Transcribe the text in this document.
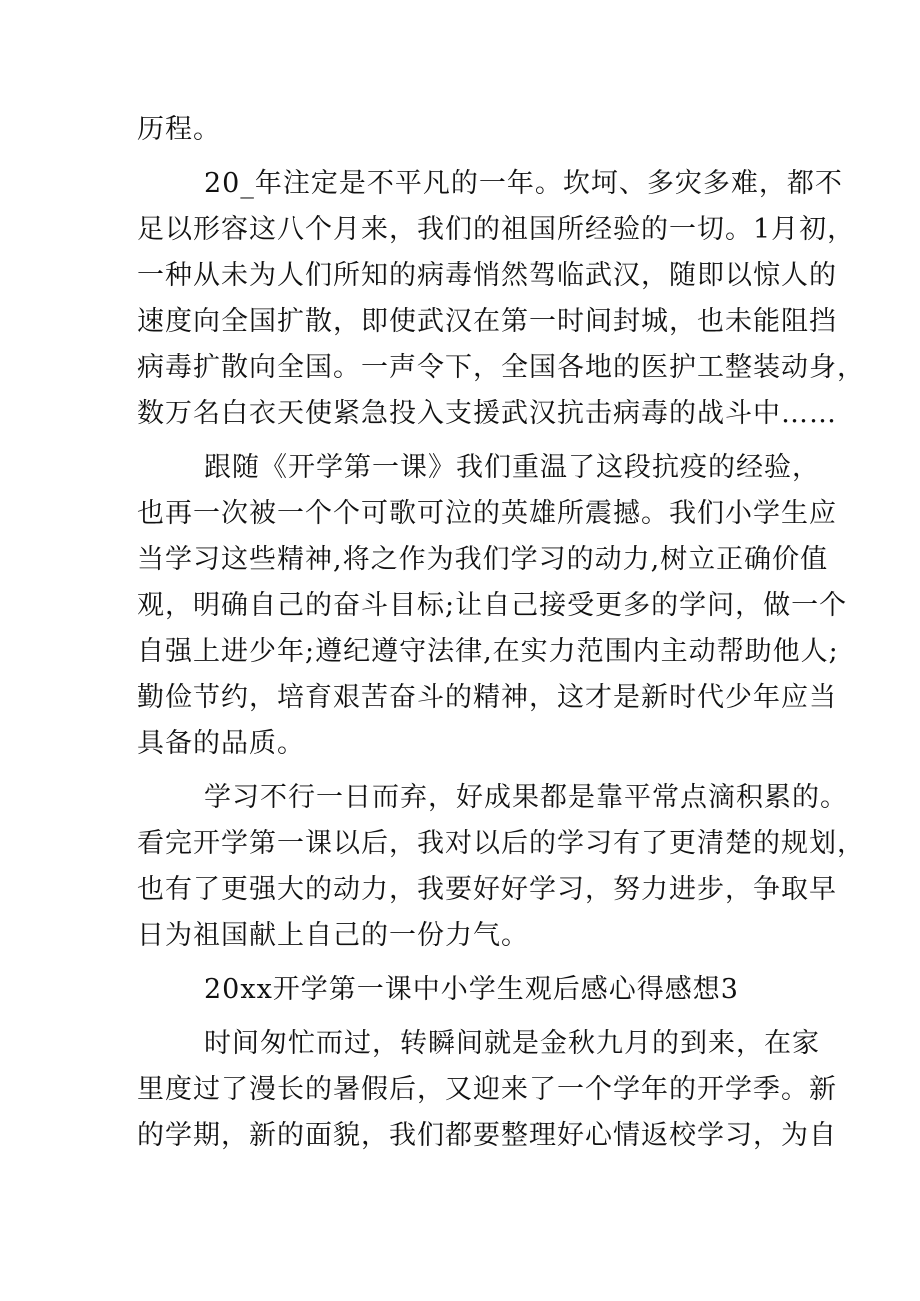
历程。
20_年注定是不平凡的一年。坎坷、多灾多难，都不
足以形容这八个月来，我们的祖国所经验的一切。1月初，
一种从未为人们所知的病毒悄然驾临武汉，随即以惊人的
速度向全国扩散，即使武汉在第一时间封城，也未能阻挡
病毒扩散向全国。一声令下，全国各地的医护工整装动身，
数万名白衣天使紧急投入支援武汉抗击病毒的战斗中……
跟随《开学第一课》我们重温了这段抗疫的经验，
也再一次被一个个可歌可泣的英雄所震撼。我们小学生应
当学习这些精神,将之作为我们学习的动力,树立正确价值
观，明确自己的奋斗目标;让自己接受更多的学问，做一个
自强上进少年;遵纪遵守法律,在实力范围内主动帮助他人;
勤俭节约，培育艰苦奋斗的精神，这才是新时代少年应当
具备的品质。
学习不行一日而弃，好成果都是靠平常点滴积累的。
看完开学第一课以后，我对以后的学习有了更清楚的规划，
也有了更强大的动力，我要好好学习，努力进步，争取早
日为祖国献上自己的一份力气。
20xx开学第一课中小学生观后感心得感想3
时间匆忙而过，转瞬间就是金秋九月的到来，在家
里度过了漫长的暑假后，又迎来了一个学年的开学季。新
的学期，新的面貌，我们都要整理好心情返校学习，为自
